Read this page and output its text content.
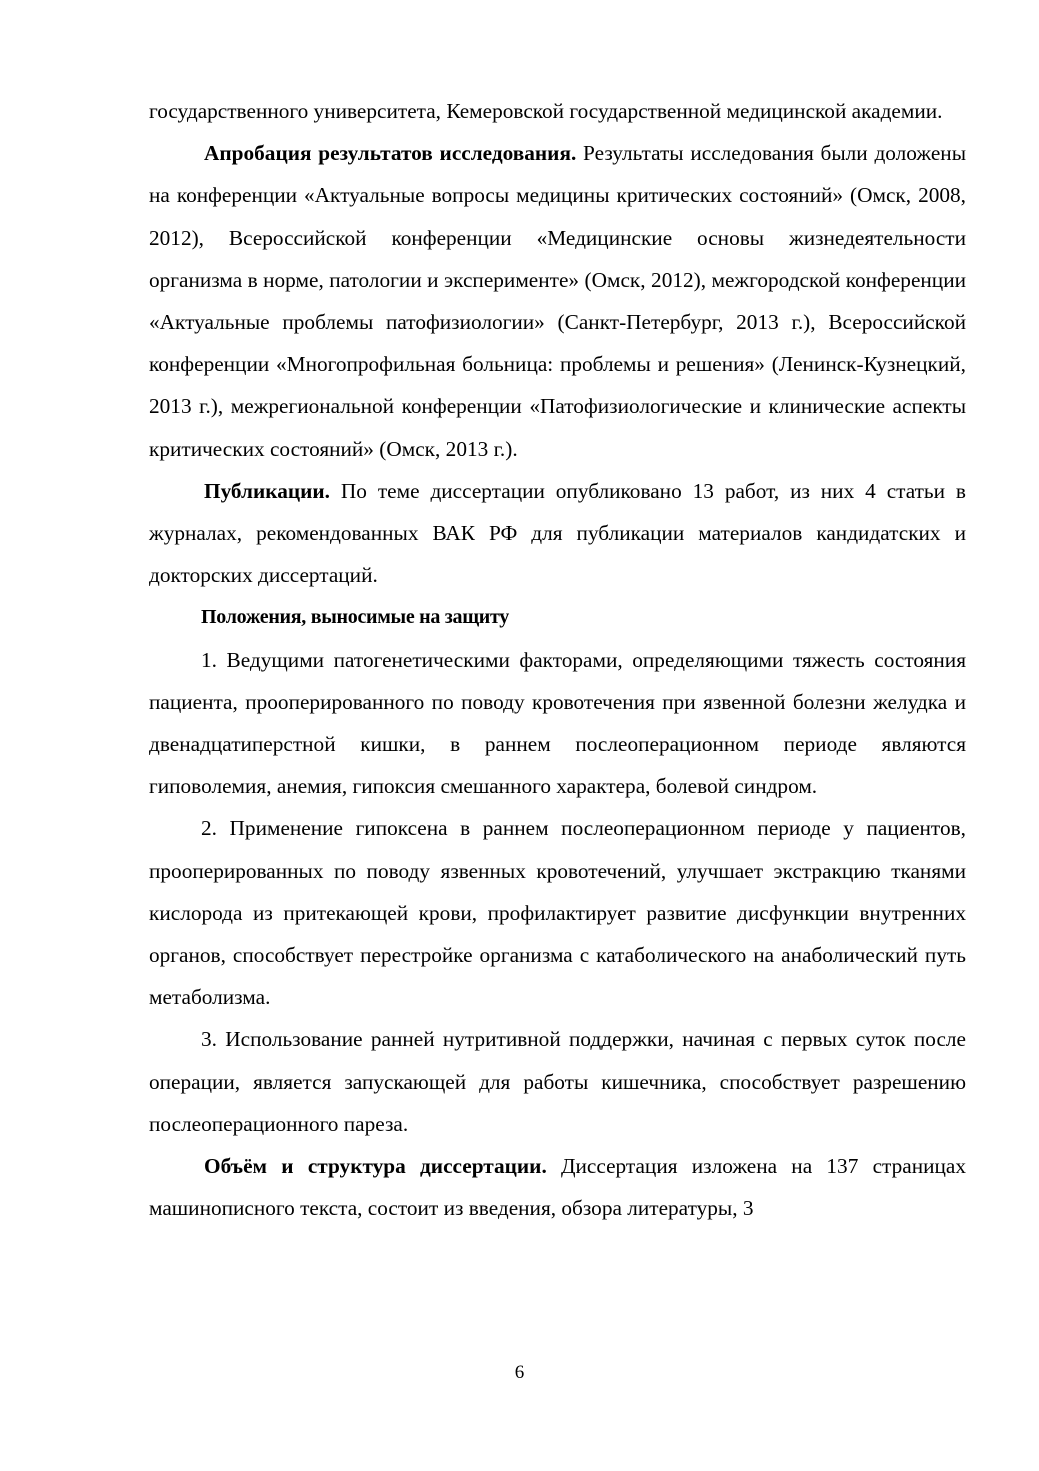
государственного университета, Кемеровской государственной медицинской академии.

Апробация результатов исследования. Результаты исследования были доложены на конференции «Актуальные вопросы медицины критических состояний» (Омск, 2008, 2012), Всероссийской конференции «Медицинские основы жизнедеятельности организма в норме, патологии и эксперименте» (Омск, 2012), межгородской конференции «Актуальные проблемы патофизиологии» (Санкт-Петербург, 2013 г.), Всероссийской конференции «Многопрофильная больница: проблемы и решения» (Ленинск-Кузнецкий, 2013 г.), межрегиональной конференции «Патофизиологические и клинические аспекты критических состояний» (Омск, 2013 г.).

Публикации. По теме диссертации опубликовано 13 работ, из них 4 статьи в журналах, рекомендованных ВАК РФ для публикации материалов кандидатских и докторских диссертаций.

Положения, выносимые на защиту

1. Ведущими патогенетическими факторами, определяющими тяжесть состояния пациента, прооперированного по поводу кровотечения при язвенной болезни желудка и двенадцатиперстной кишки, в раннем послеоперационном периоде являются гиповолемия, анемия, гипоксия смешанного характера, болевой синдром.

2. Применение гипоксена в раннем послеоперационном периоде у пациентов, прооперированных по поводу язвенных кровотечений, улучшает экстракцию тканями кислорода из притекающей крови, профилактирует развитие дисфункции внутренних органов, способствует перестройке организма с катаболического на анаболический путь метаболизма.

3. Использование ранней нутритивной поддержки, начиная с первых суток после операции, является запускающей для работы кишечника, способствует разрешению послеоперационного пареза.

Объём и структура диссертации. Диссертация изложена на 137 страницах машинописного текста, состоит из введения, обзора литературы, 3

6
